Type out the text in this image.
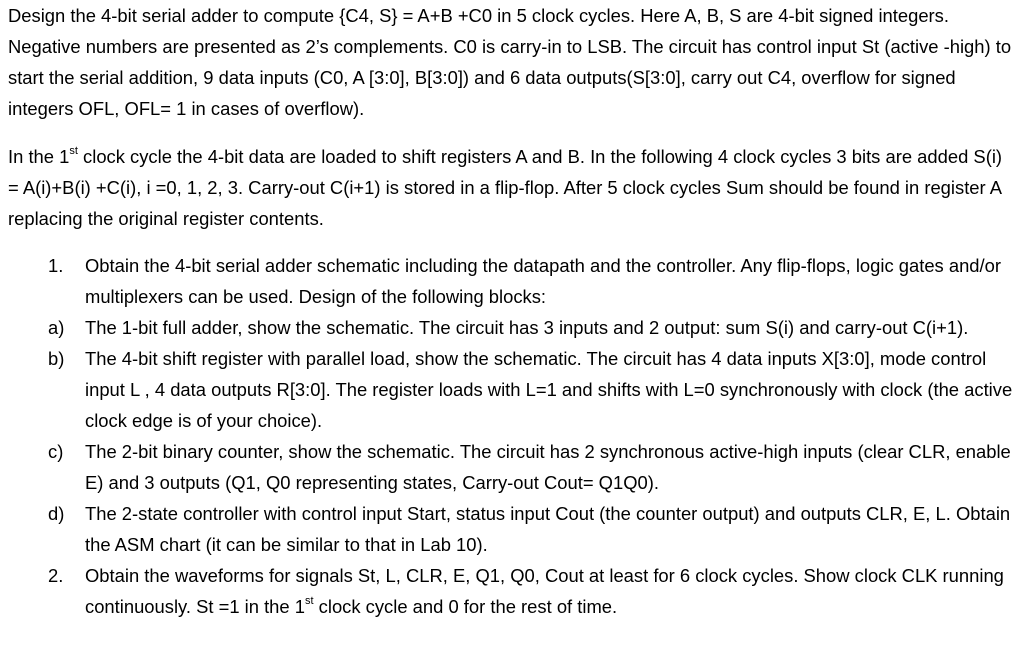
Design the 4-bit serial adder to compute {C4, S} = A+B +C0 in 5 clock cycles. Here A, B, S are 4-bit signed integers. Negative numbers are presented as 2’s complements. C0 is carry-in to LSB. The circuit has control input St (active -high) to start the serial addition, 9 data inputs (C0, A [3:0], B[3:0]) and 6 data outputs(S[3:0], carry out C4, overflow for signed integers OFL, OFL= 1 in cases of overflow).

In the 1st clock cycle the 4-bit data are loaded to shift registers A and B. In the following 4 clock cycles 3 bits are added S(i) = A(i)+B(i) +C(i), i =0, 1, 2, 3. Carry-out C(i+1) is stored in a flip-flop. After 5 clock cycles Sum should be found in register A replacing the original register contents.

1.	Obtain the 4-bit serial adder schematic including the datapath and the controller. Any flip-flops, logic gates and/or multiplexers can be used. Design of the following blocks:
a)	The 1-bit full adder, show the schematic. The circuit has 3 inputs and 2 output: sum S(i) and carry-out C(i+1).
b)	The 4-bit shift register with parallel load, show the schematic. The circuit has 4 data inputs X[3:0], mode control input L , 4 data outputs R[3:0]. The register loads with L=1 and shifts with L=0 synchronously with clock (the active clock edge is of your choice).
c)	The 2-bit binary counter, show the schematic. The circuit has 2 synchronous active-high inputs (clear CLR, enable E) and 3 outputs (Q1, Q0 representing states, Carry-out Cout= Q1Q0).
d)	The 2-state controller with control input Start, status input Cout (the counter output) and outputs CLR, E, L. Obtain the ASM chart (it can be similar to that in Lab 10).
2.	Obtain the waveforms for signals St, L, CLR, E, Q1, Q0, Cout at least for 6 clock cycles. Show clock CLK running continuously. St =1 in the 1st clock cycle and 0 for the rest of time.
